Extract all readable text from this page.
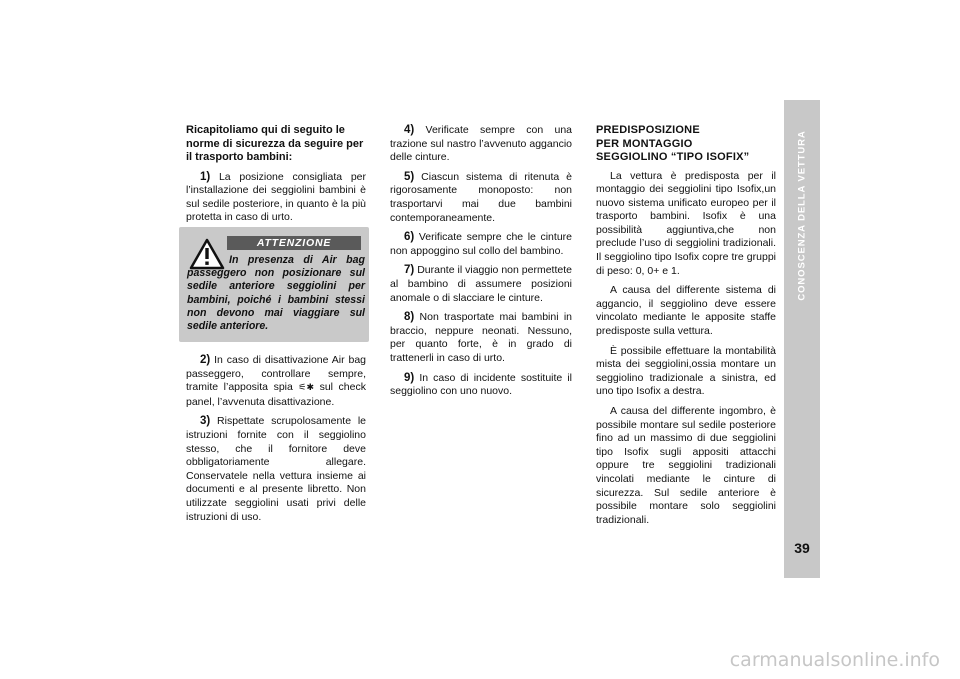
Ricapitoliamo qui di seguito le norme di sicurezza da seguire per il trasporto bambini:

1) La posizione consigliata per l’installazione dei seggiolini bambini è sul sedile posteriore, in quanto è la più protetta in caso di urto.

ATTENZIONE
In presenza di Air bag passeggero non posizionare sul sedile anteriore seggiolini per bambini, poiché i bambini stessi non devono mai viaggiare sul sedile anteriore.

2) In caso di disattivazione Air bag passeggero, controllare sempre, tramite l’apposita spia ⚟✱ sul check panel, l’avvenuta disattivazione.

3) Rispettate scrupolosamente le istruzioni fornite con il seggiolino stesso, che il fornitore deve obbligatoriamente allegare. Conservatele nella vettura insieme ai documenti e al presente libretto. Non utilizzate seggiolini usati privi delle istruzioni di uso.

4) Verificate sempre con una trazione sul nastro l’avvenuto aggancio delle cinture.

5) Ciascun sistema di ritenuta è rigorosamente monoposto: non trasportarvi mai due bambini contemporaneamente.

6) Verificate sempre che le cinture non appoggino sul collo del bambino.

7) Durante il viaggio non permettete al bambino di assumere posizioni anomale o di slacciare le cinture.

8) Non trasportate mai bambini in braccio, neppure neonati. Nessuno, per quanto forte, è in grado di trattenerli in caso di urto.

9) In caso di incidente sostituite il seggiolino con uno nuovo.

PREDISPOSIZIONE
PER MONTAGGIO
SEGGIOLINO “TIPO ISOFIX”

La vettura è predisposta per il montaggio dei seggiolini tipo Isofix,un nuovo sistema unificato europeo per il trasporto bambini. Isofix è una possibilità aggiuntiva,che non preclude l’uso di seggiolini tradizionali. Il seggiolino tipo Isofix copre tre gruppi di peso: 0, 0+ e 1.

A causa del differente sistema di aggancio, il seggiolino deve essere vincolato mediante le apposite staffe predisposte sulla vettura.

È possibile effettuare la montabilità mista dei seggiolini,ossia montare un seggiolino tradizionale a sinistra, ed uno tipo Isofix a destra.

A causa del differente ingombro, è possibile montare sul sedile posteriore fino ad un massimo di due seggiolini tipo Isofix sugli appositi attacchi oppure tre seggiolini tradizionali vincolati mediante le cinture di sicurezza. Sul sedile anteriore è possibile montare solo seggiolini tradizionali.

CONOSCENZA DELLA VETTURA
39
carmanualsonline.info
